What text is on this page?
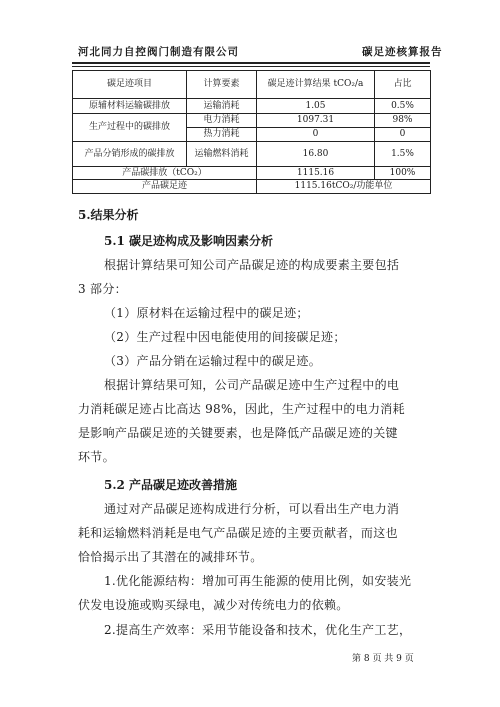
河北同力自控阀门制造有限公司	碳足迹核算报告
碳足迹项目	计算要素	碳足迹计算结果 tCO₂/a	占比
原辅材料运输碳排放	运输消耗	1.05	0.5%
生产过程中的碳排放	电力消耗	1097.31	98%
	热力消耗	0	0
产品分销形成的碳排放	运输燃料消耗	16.80	1.5%
产品碳排放（tCO₂）		1115.16	100%
产品碳足迹		1115.16tCO₂/功能单位	
5.结果分析
5.1 碳足迹构成及影响因素分析
根据计算结果可知公司产品碳足迹的构成要素主要包括
3 部分：
（1）原材料在运输过程中的碳足迹；
（2）生产过程中因电能使用的间接碳足迹；
（3）产品分销在运输过程中的碳足迹。
根据计算结果可知，公司产品碳足迹中生产过程中的电
力消耗碳足迹占比高达 98%，因此，生产过程中的电力消耗
是影响产品碳足迹的关键要素，也是降低产品碳足迹的关键
环节。
5.2 产品碳足迹改善措施
通过对产品碳足迹构成进行分析，可以看出生产电力消
耗和运输燃料消耗是电气产品碳足迹的主要贡献者，而这也
恰恰揭示出了其潜在的减排环节。
1.优化能源结构：增加可再生能源的使用比例，如安装光
伏发电设施或购买绿电，减少对传统电力的依赖。
2.提高生产效率：采用节能设备和技术，优化生产工艺，
第 8 页 共 9 页
